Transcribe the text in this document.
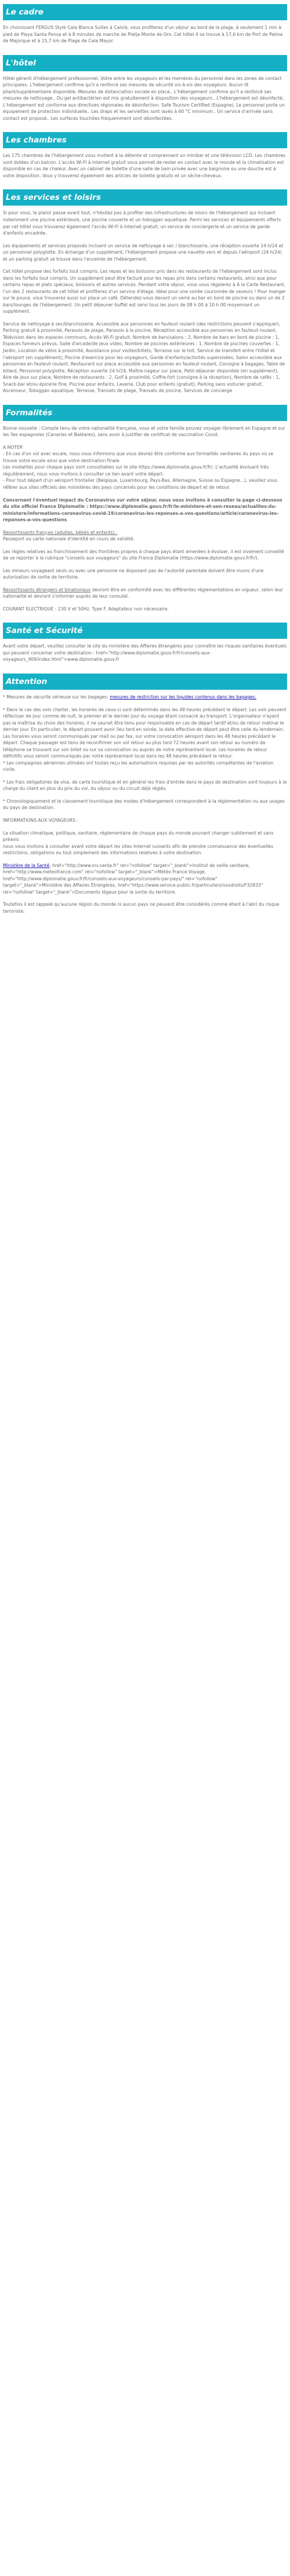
Le cadre

En choisissant FERGUS Style Cala Blanca Suites à Calvià, vous profiterez d'un séjour au bord de la plage, à seulement 1 min à pied de Playa Santa Ponsa et à 8 minutes de marche de Platja Monte de Oro. Cet hôtel 4 se trouve à 17,6 km de Port de Palma de Majorque et à 15,7 km de Plage de Cala Mayor.

L'hôtel

Hôtel géranti d'hébergement professionnel. Votre entre les voyageurs et les membres du personnel dans les zones de contact principales. L'hébergement confirme qu'il a renforcé ses mesures de sécurité vis-à-vis des voyageurs. Aucun lit pliant/supplémentaire disponible. Mesures de distanciation sociale en place.. L'hébergement confirme qu'il a renforcé ses mesures de nettoyage.. Du gel antibactérien est mis gratuitement à disposition des voyageurs.. L'hébergement est désinfecté.. L'hébergement est conforme aux directives régionales de désinfection. Safe Tourism Certified (Espagne). Le personnel porte un équipement de protection individuelle.. Les draps et les serviettes sont lavés à 60 °C minimum.. Un service d'arrivée sans contact est proposé.. Les surfaces touchées fréquemment sont désinfectées.

Les chambres

Les 175 chambres de l'hébergement vous invitent à la détente et comprennent un minibar et une télévision LCD. Les chambres sont dotées d'un balcon. L'accès Wi-Fi à Internet gratuit vous permet de rester en contact avec le monde et la climatisation est disponible en cas de chaleur. Avec un cabinet de toilette d'une salle de bain privée avec une baignoire ou une douche est à votre disposition. Vous y trouverez également des articles de toilette gratuits et un sèche-cheveux.

Les services et loisirs

Si pour vous, le plaisir passe avant tout, n'hésitez pas à profiter des infrastructures de loisirs de l'hébergement qui incluent notamment une piscine extérieure, une piscine couverte et un toboggan aquatique. Parmi les services et équipements offerts par cet hôtel vous trouverez également l'accès Wi-Fi à Internet gratuit, un service de conciergerie et un service de garde d'enfants encadrée.

Les équipements et services proposés incluent un service de nettoyage à sec / blanchisserie, une réception ouverte 24 h/24 et un personnel polyglotte. En échange d'un supplément, l'hébergement propose une navette vers et depuis l'aéroport (24 h/24) et un parking gratuit se trouve dans l'enceinte de l'hébergement.

Cet hôtel propose des forfaits tout compris. Les repas et les boissons pris dans les restaurants de l'hébergement sont inclus dans les forfaits tout compris. Un supplément peut être facturé pour les repas pris dans certains restaurants, ainsi que pour certains repas et plats spéciaux, boissons et autres services. Pendant votre séjour, vous vous régalerez à A la Carte Restaurant, l'un des 2 restaurants de cet hôtel et profiterez d'un service d'étage. Idéal pour une soirée couronnée de saveurs ! Pour manger sur le pouce, vous trouverez aussi sur place un café. Détendez-vous devant un verre au bar en bord de piscine ou dans un de 2 bars/lounges de l'hébergement. Un petit déjeuner buffet est servi tous les jours de 08 h 00 à 10 h 00 moyennant un supplément.

Service de nettoyage à sec/blanchisserie, Accessible aux personnes en fauteuil roulant (des restrictions peuvent s'appliquer), Parking gratuit à proximité, Parasols de plage, Parasols à la piscine, Réception accessible aux personnes en fauteuil roulant, Télévision dans les espaces communs, Accès Wi-Fi gratuit, Nombre de bars/salons : 2, Nombre de bars en bord de piscine : 1, Espaces fumeurs prévus, Salle d'arcade/de jeux vidéo, Nombre de piscines extérieures : 1, Nombre de piscines couvertes : 1, Jardin, Location de vélos à proximité, Assistance pour visites/billets, Terrasse sur le toit, Service de transfert entre l'hôtel et l'aéroport (en supplément), Piscine d'exercice pour les voyageurs, Garde d'enfants/activités supervisées, Salon accessible aux personnes en fauteuil roulant, Restaurant sur place accessible aux personnes en fauteuil roulant, Consigne à bagages, Table de billard, Personnel polyglotte, Réception ouverte 24 h/24, Maître-nageur sur place, Petit-déjeuner disponible (en supplément), Aire de jeux sur place, Nombre de restaurants : 2, Golf à proximité, Coffre-fort (consigne à la réception), Nombre de cafés : 1, Snack-bar et/ou épicerie fine, Piscine pour enfants, Laverie, Club pour enfants (gratuit), Parking sans voiturier gratuit, Ascenseur, Toboggan aquatique, Terrasse, Transats de plage, Transats de piscine, Services de concierge

Formalités

Bonne nouvelle : Compte tenu de votre nationalité française, vous et votre famille pouvez voyager librement en Espagne et sur les îles espagnoles (Canaries et Baléares), sans avoir à justifier de certificat de vaccination Covid.

A NOTER
- En cas d'un vol avec escale, nous vous informons que vous devrez être conforme aux formalités sanitaires du pays où se trouve votre escale ainsi que votre destination finale.
Les modalités pour chaque pays sont consultables sur le site https://www.diplomatie.gouv.fr/fr/. L'actualité évoluant très régulièrement, nous vous invitons à consulter ce lien avant votre départ.
- Pour tout départ d'un aéroport frontalier (Belgique, Luxembourg, Pays-Bas, Allemagne, Suisse ou Espagne...), veuillez vous référer aux sites officiels des ministères des pays concernés pour les conditions de départ et de retour.

Concernant l'éventuel impact du Coronavirus sur votre séjour, nous vous invitons à consulter la page ci-dessous du site officiel France Diplomatie : https://www.diplomatie.gouv.fr/fr/le-ministere-et-son-reseau/actualites-du-ministere/informations-coronavirus-covid-19/coronavirus-les-reponses-a-vos-questions/article/coronavirus-les-reponses-a-vos-questions

Ressortissants français (adultes, bébés et enfants) :
Passeport ou carte nationale d'identité en cours de validité.

Les règles relatives au franchissement des frontières propres à chaque pays étant amenées à évoluer, il est vivement conseillé de se reporter à la rubrique "conseils aux voyageurs" du site France Diplomatie (https://www.diplomatie.gouv.fr/fr/).

Les mineurs voyageant seuls ou avec une personne ne disposant pas de l'autorité parentale doivent être munis d'une autorisation de sortie de territoire.

Ressortissants étrangers et binationaux devront être en conformité avec les différentes réglementations en vigueur, selon leur nationalité et devront s'informer auprès de leur consulat.

COURANT ELECTRIQUE : 230 V et 50Hz. Type F. Adaptateur non nécessaire.

Santé et Sécurité

Avant votre départ, veuillez consulter le site du ministère des Affaires étrangères pour connaître les risques sanitaires éventuels qui peuvent concerner votre destination : href="http://www.diplomatie.gouv.fr/fr/conseils-aux-voyageurs_909/index.html">www.diplomatie.gouv.fr

Attention

* Mesures de sécurité sérieuse sur les bagages: mesures de restriction sur les liquides contenus dans les bagages.

* Dans le cas des vols charter, les horaires de ceux-ci sont déterminés dans les 48 heures précédant le départ. Les vols peuvent réflectuer de jour comme de nuit, le premier et le dernier jour du voyage étant consacré au transport. L'organisateur n'ayant pas la maîtrise du choix des horaires, il ne saurait être tenu pour responsable en cas de départ tardif et/ou de retour matinal le dernier jour. En particulier, le départ pouvant avoir lieu tard en soirée, la date effective de départ peut être celle du lendemain. Les horaires vous seront communiqués par mail ou par fax, sur votre convocation aéroport dans les 48 heures précédant le départ. Chaque passager est tenu de reconfirmer son vol retour au plus tard 72 heures avant son retour au numéro de téléphone se trouvant sur son billet ou sur sa convocation ou auprès de notre représentant local. Les horaires de retour définitifs vous seront communiqués par notre représentant local dans les 48 heures précédant le retour.
* Les compagnies aériennes utilisées ont toutes reçu les autorisations requises par les autorités compétentes de l'aviation civile.

* Les frais obligatoires de visa, de carte touristique et en général les frais d'entrée dans le pays de destination sont toujours à la charge du client en plus du prix du vol, du séjour ou du circuit déjà réglés.

* Chronologiquement et le classement touristique des modes d'hébergement correspondent à la réglementation ou aux usages du pays de destination.

INFORMATIONS AUX VOYAGEURS :

La situation climatique, politique, sanitaire, réglementaire de chaque pays du monde pouvant changer subitement et sans préavis
nous vous invitons à consulter avant votre départ les sites Internet suivants afin de prendre connaissance des éventuelles restrictions, obligations ou tout simplement des informations relatives à votre destination.

Ministère de la Santé, href="http://www.inv.santa.fr" rel="nofollow" target="_blank">Institut de veille sanitaire,
href="http://www.meteofrance.com" rel="nofollow" target="_blank">Météo France Voyage, href="http://www.diplomatie.gouv.fr/fr/conseils-aux-voyageurs/conseils-par-pays/" rel="nofollow"
target="_blank">Ministère des Affaires Étrangères, href="https://www.service-public.fr/particuliers/vosdroits/F32833" rel="nofollow" target="_blank">Documents légaux pour la sortie du territoire.

Toutefois il est rappelé qu'aucune région du monde ni aucun pays ne peuvent être considérés comme étant à l'abri du risque terroriste.
